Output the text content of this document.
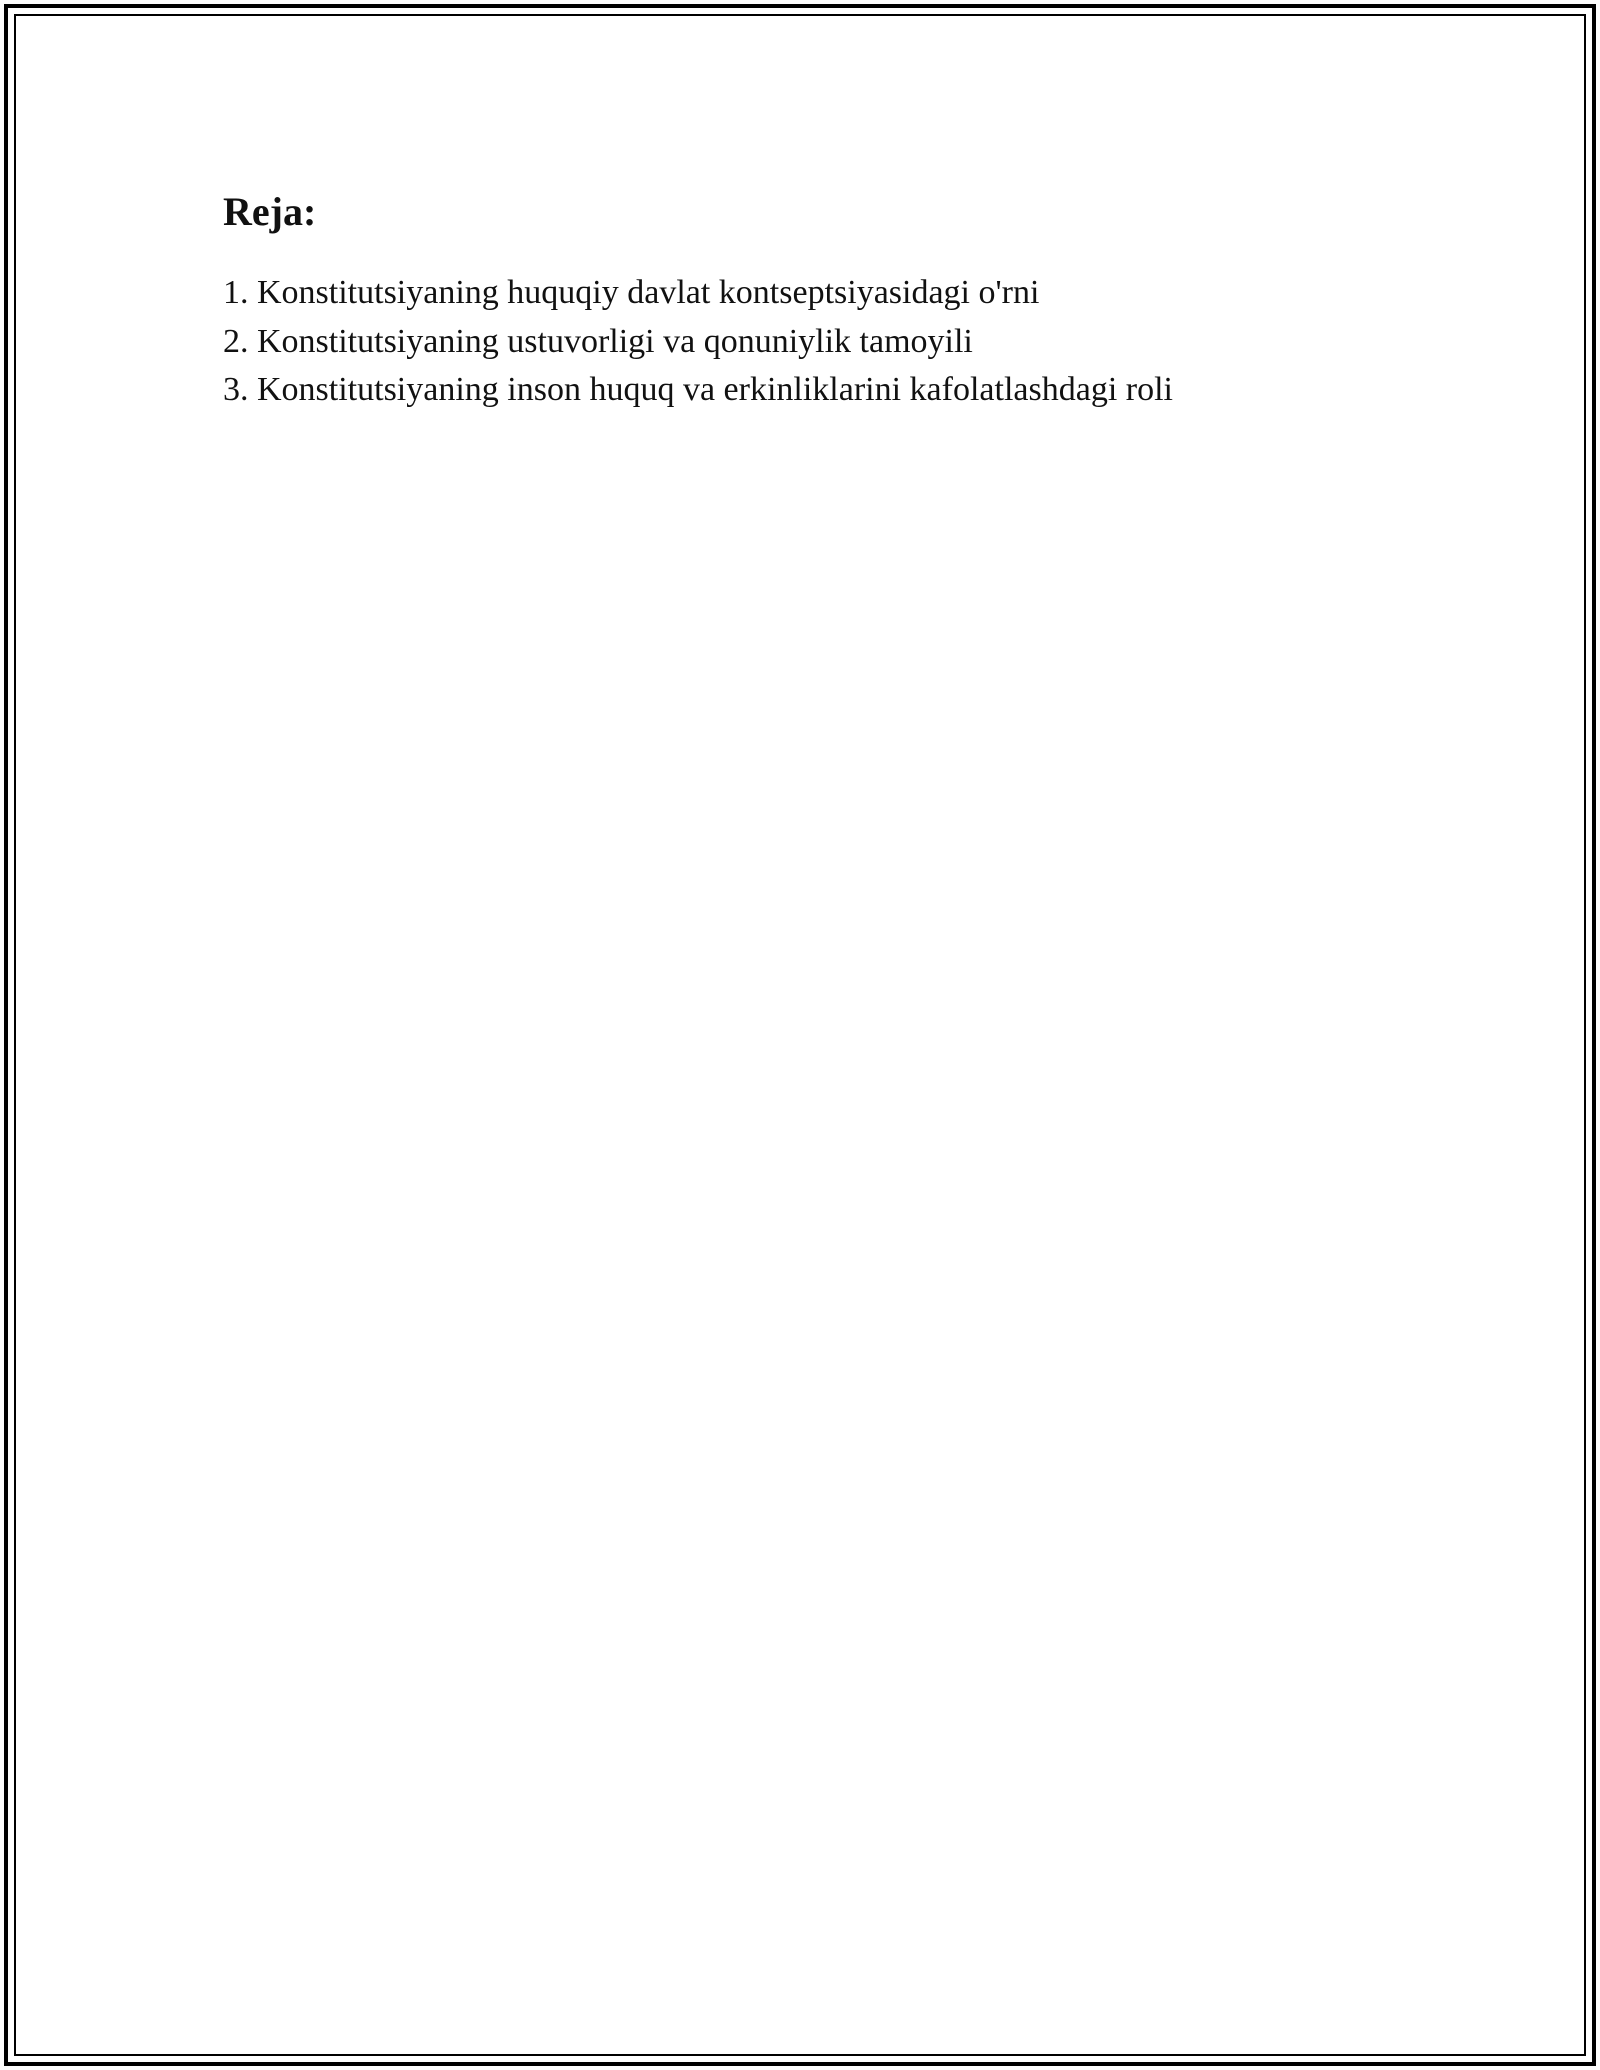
Reja:
1. Konstitutsiyaning huquqiy davlat kontseptsiyasidagi o'rni
2. Konstitutsiyaning ustuvorligi va qonuniylik tamoyili
3. Konstitutsiyaning inson huquq va erkinliklarini kafolatlashdagi roli
